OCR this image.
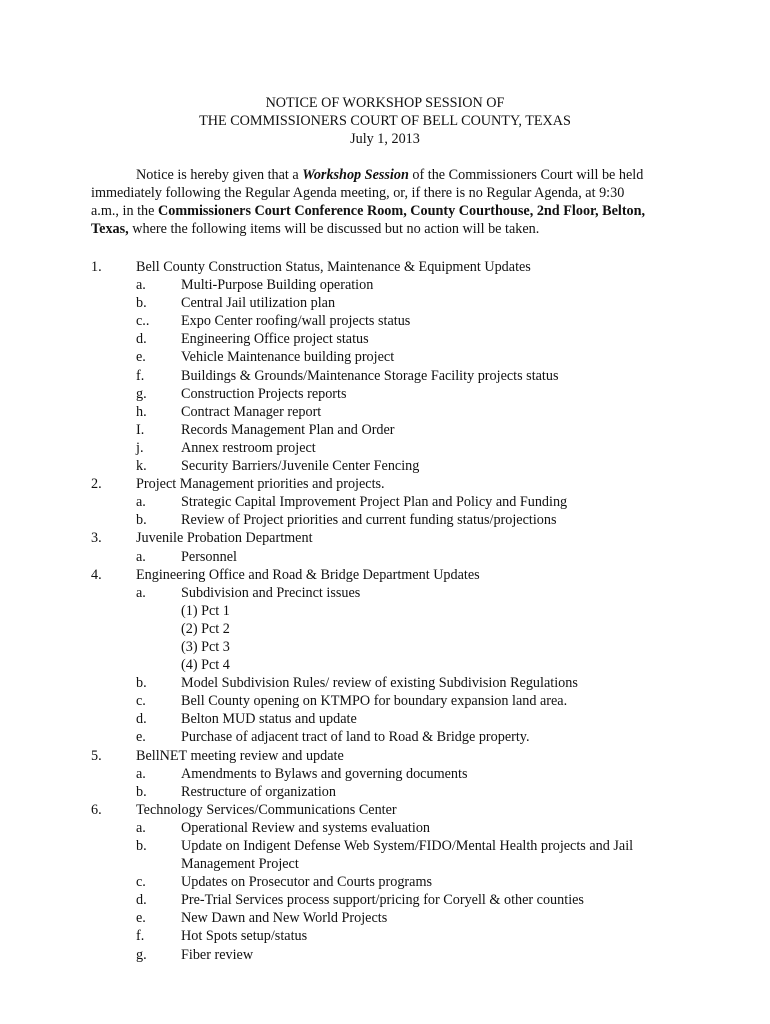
NOTICE OF WORKSHOP SESSION OF
THE COMMISSIONERS COURT OF BELL COUNTY, TEXAS
July 1, 2013
Notice is hereby given that a Workshop Session of the Commissioners Court will be held
immediately following the Regular Agenda meeting, or, if there is no Regular Agenda, at 9:30
a.m., in the Commissioners Court Conference Room, County Courthouse, 2nd Floor, Belton,
Texas, where the following items will be discussed but no action will be taken.
1. Bell County Construction Status, Maintenance & Equipment Updates
a. Multi-Purpose Building operation
b. Central Jail utilization plan
c.. Expo Center roofing/wall projects status
d. Engineering Office project status
e. Vehicle Maintenance building project
f.	Buildings & Grounds/Maintenance Storage Facility projects status
g. Construction Projects reports
h. Contract Manager report
I.	Records Management Plan and Order
j.	Annex restroom project
k. Security Barriers/Juvenile Center Fencing
2. Project Management priorities and projects.
a. Strategic Capital Improvement Project Plan and Policy and Funding
b. Review of Project priorities and current funding status/projections
3. Juvenile Probation Department
a. Personnel
4. Engineering Office and Road & Bridge Department Updates
a. Subdivision and Precinct issues
(1) Pct 1
(2) Pct 2
(3) Pct 3
(4) Pct 4
b. Model Subdivision Rules/ review of existing Subdivision Regulations
c. Bell County opening on KTMPO for boundary expansion land area.
d. Belton MUD status and update
e. Purchase of adjacent tract of land to Road & Bridge property.
5. BellNET meeting review and update
a. Amendments to Bylaws and governing documents
b. Restructure of organization
6. Technology Services/Communications Center
a. Operational Review and systems evaluation
b. Update on Indigent Defense Web System/FIDO/Mental Health projects and Jail
Management Project
c. Updates on Prosecutor and Courts programs
d. Pre-Trial Services process support/pricing for Coryell & other counties
e. New Dawn and New World Projects
f.	Hot Spots setup/status
g. Fiber review
